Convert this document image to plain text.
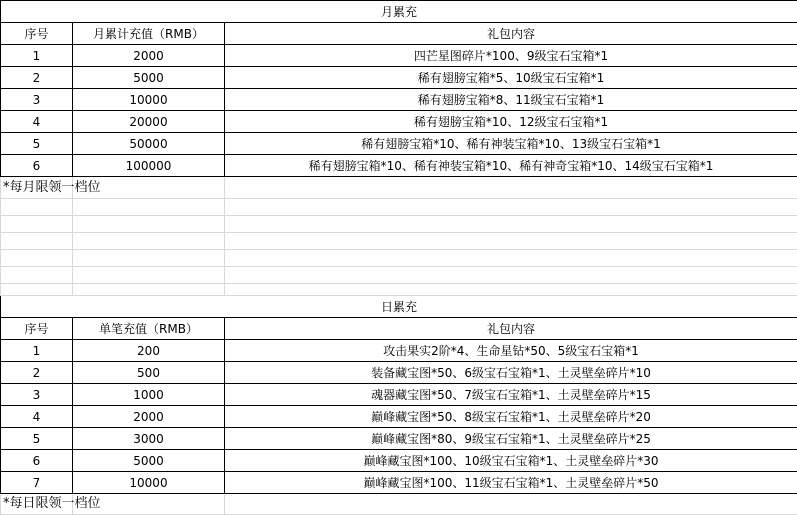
月累充		
序号	月累计充值（RMB）	礼包内容
1	2000	四芒星图碎片*100、9级宝石宝箱*1
2	5000	稀有翅膀宝箱*5、10级宝石宝箱*1
3	10000	稀有翅膀宝箱*8、11级宝石宝箱*1
4	20000	稀有翅膀宝箱*10、12级宝石宝箱*1
5	50000	稀有翅膀宝箱*10、稀有神装宝箱*10、13级宝石宝箱*1
6	100000	稀有翅膀宝箱*10、稀有神装宝箱*10、稀有神奇宝箱*10、14级宝石宝箱*1
*每月限领一档位		

日累充		
序号	单笔充值（RMB）	礼包内容
1	200	攻击果实2阶*4、生命星钻*50、5级宝石宝箱*1
2	500	装备藏宝图*50、6级宝石宝箱*1、土灵壁垒碎片*10
3	1000	魂器藏宝图*50、7级宝石宝箱*1、土灵壁垒碎片*15
4	2000	巅峰藏宝图*50、8级宝石宝箱*1、土灵壁垒碎片*20
5	3000	巅峰藏宝图*80、9级宝石宝箱*1、土灵壁垒碎片*25
6	5000	巅峰藏宝图*100、10级宝石宝箱*1、土灵壁垒碎片*30
7	10000	巅峰藏宝图*100、11级宝石宝箱*1、土灵壁垒碎片*50
*每日限领一档位		
